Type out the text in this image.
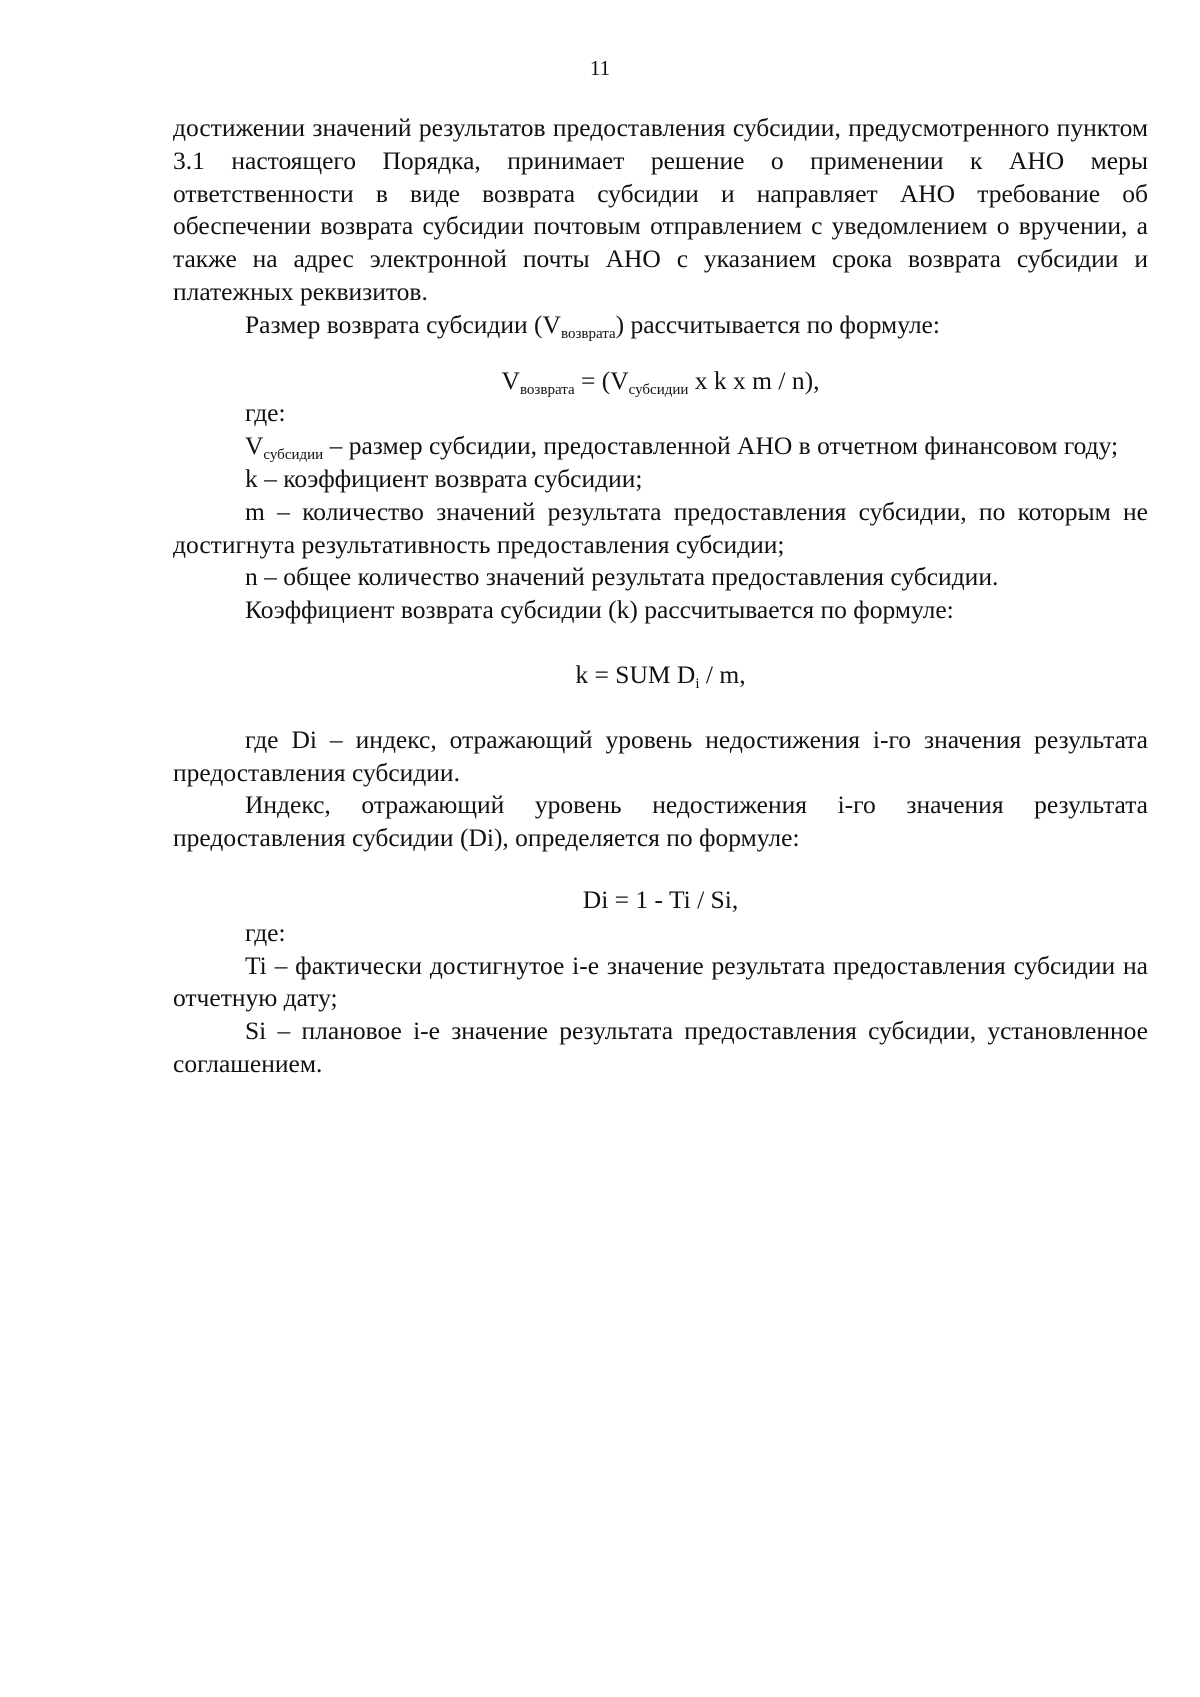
11

достижении значений результатов предоставления субсидии, предусмотренного пунктом 3.1 настоящего Порядка, принимает решение о применении к АНО меры ответственности в виде возврата субсидии и направляет АНО требование об обеспечении возврата субсидии почтовым отправлением с уведомлением о вручении, а также на адрес электронной почты АНО с указанием срока возврата субсидии и платежных реквизитов.

Размер возврата субсидии $(V_{возврата})$ рассчитывается по формуле:

$V_{возврата} = (V_{субсидии}$ x k x m / n),

где:

$V_{субсидии}$ – размер субсидии, предоставленной АНО в отчетном финансовом году;

k – коэффициент возврата субсидии;

m – количество значений результата предоставления субсидии, по которым не достигнута результативность предоставления субсидии;

n – общее количество значений результата предоставления субсидии.

Коэффициент возврата субсидии (k) рассчитывается по формуле:

k = SUM $D_i$ / m,

где Di – индекс, отражающий уровень недостижения i-го значения результата предоставления субсидии.

Индекс, отражающий уровень недостижения i-го значения результата предоставления субсидии (Di), определяется по формуле:

Di = 1 - Ti / Si,

где:

Ti – фактически достигнутое i-е значение результата предоставления субсидии на отчетную дату;

Si – плановое i-е значение результата предоставления субсидии, установленное соглашением.
